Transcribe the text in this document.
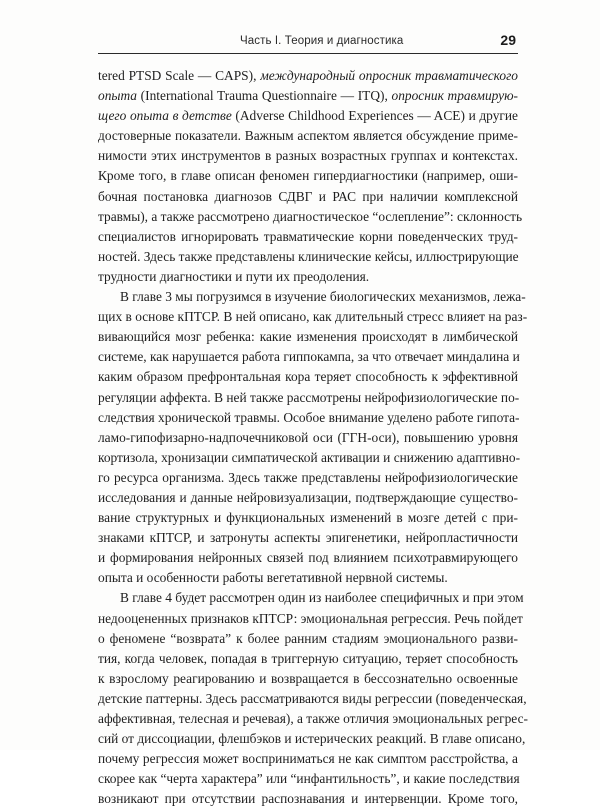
Часть I. Теория и диагностика	29
tered PTSD Scale — CAPS), международный опросник травматического
опыта (International Trauma Questionnaire — ITQ), опросник травмирую-
щего опыта в детстве (Adverse Childhood Experiences — ACE) и другие
достоверные показатели. Важным аспектом является обсуждение приме-
нимости этих инструментов в разных возрастных группах и контекстах.
Кроме того, в главе описан феномен гипердиагностики (например, оши-
бочная постановка диагнозов СДВГ и РАС при наличии комплексной
травмы), а также рассмотрено диагностическое “ослепление”: склонность
специалистов игнорировать травматические корни поведенческих труд-
ностей. Здесь также представлены клинические кейсы, иллюстрирующие
трудности диагностики и пути их преодоления.
В главе 3 мы погрузимся в изучение биологических механизмов, лежа-
щих в основе кПТСР. В ней описано, как длительный стресс влияет на раз-
вивающийся мозг ребенка: какие изменения происходят в лимбической
системе, как нарушается работа гиппокампа, за что отвечает миндалина и
каким образом префронтальная кора теряет способность к эффективной
регуляции аффекта. В ней также рассмотрены нейрофизиологические по-
следствия хронической травмы. Особое внимание уделено работе гипота-
ламо-гипофизарно-надпочечниковой оси (ГГН-оси), повышению уровня
кортизола, хронизации симпатической активации и снижению адаптивно-
го ресурса организма. Здесь также представлены нейрофизиологические
исследования и данные нейровизуализации, подтверждающие существо-
вание структурных и функциональных изменений в мозге детей с при-
знаками кПТСР, и затронуты аспекты эпигенетики, нейропластичности
и формирования нейронных связей под влиянием психотравмирующего
опыта и особенности работы вегетативной нервной системы.
В главе 4 будет рассмотрен один из наиболее специфичных и при этом
недооцененных признаков кПТСР: эмоциональная регрессия. Речь пойдет
о феномене “возврата” к более ранним стадиям эмоционального разви-
тия, когда человек, попадая в триггерную ситуацию, теряет способность
к взрослому реагированию и возвращается в бессознательно освоенные
детские паттерны. Здесь рассматриваются виды регрессии (поведенческая,
аффективная, телесная и речевая), а также отличия эмоциональных регрес-
сий от диссоциации, флешбэков и истерических реакций. В главе описано,
почему регрессия может восприниматься не как симптом расстройства, а
скорее как “черта характера” или “инфантильность”, и какие последствия
возникают при отсутствии распознавания и интервенции. Кроме того,
